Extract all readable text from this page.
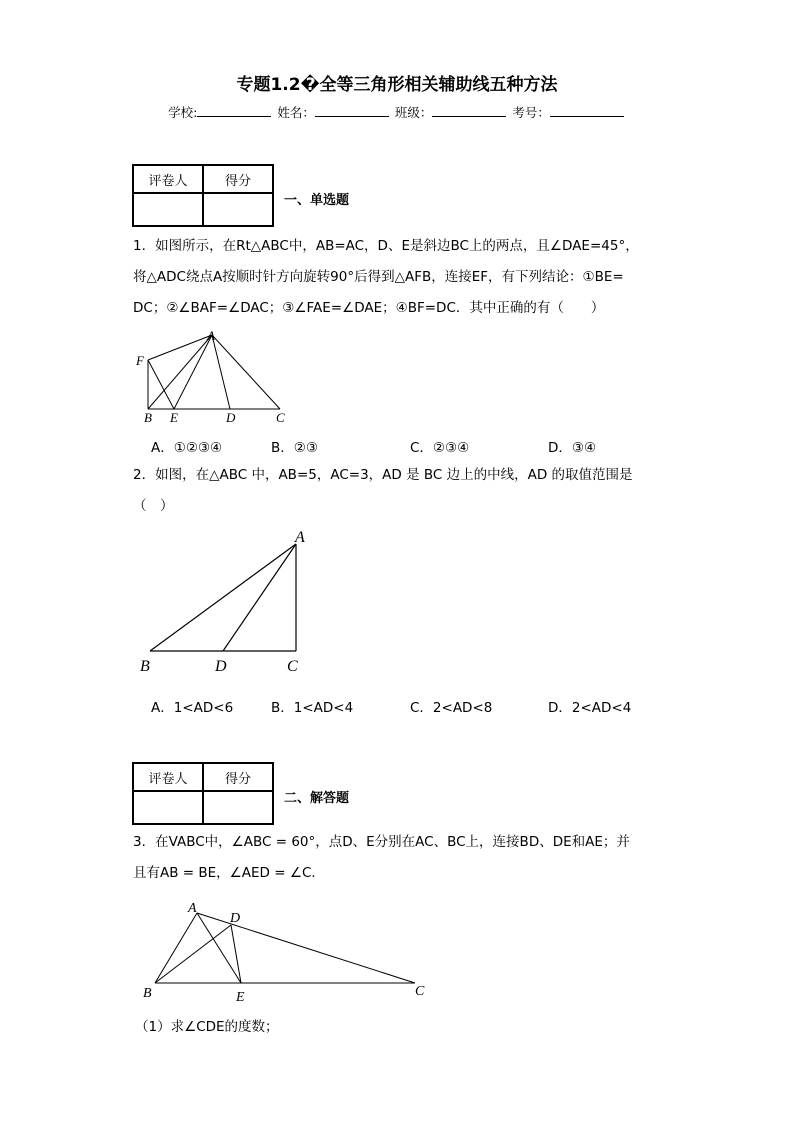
专题1.2�全等三角形相关辅助线五种方法
学校:	姓名：	班级：	考号：
评卷人	得分

一、单选题
1．如图所示，在Rt△ABC中，AB=AC，D、E是斜边BC上的两点，且∠DAE=45°，
将△ADC绕点A按顺时针方向旋转90°后得到△AFB，连接EF，有下列结论：①BE=
DC；②∠BAF=∠DAC；③∠FAE=∠DAE；④BF=DC．其中正确的有（　　）
A
F
B E	D	C
A．①②③④	B．②③	C．②③④	D．③④
2．如图，在△ABC 中，AB=5，AC=3，AD 是 BC 边上的中线，AD 的取值范围是
（　）
A
B	D	C
A．1<AD<6	B．1<AD<4	C．2<AD<8	D．2<AD<4
评卷人	得分

二、解答题
3．在VABC中，∠ABC = 60°，点D、E分别在AC、BC上，连接BD、DE和AE；并
且有AB = BE，∠AED = ∠C．
A
D
B	E	C
（1）求∠CDE的度数；
